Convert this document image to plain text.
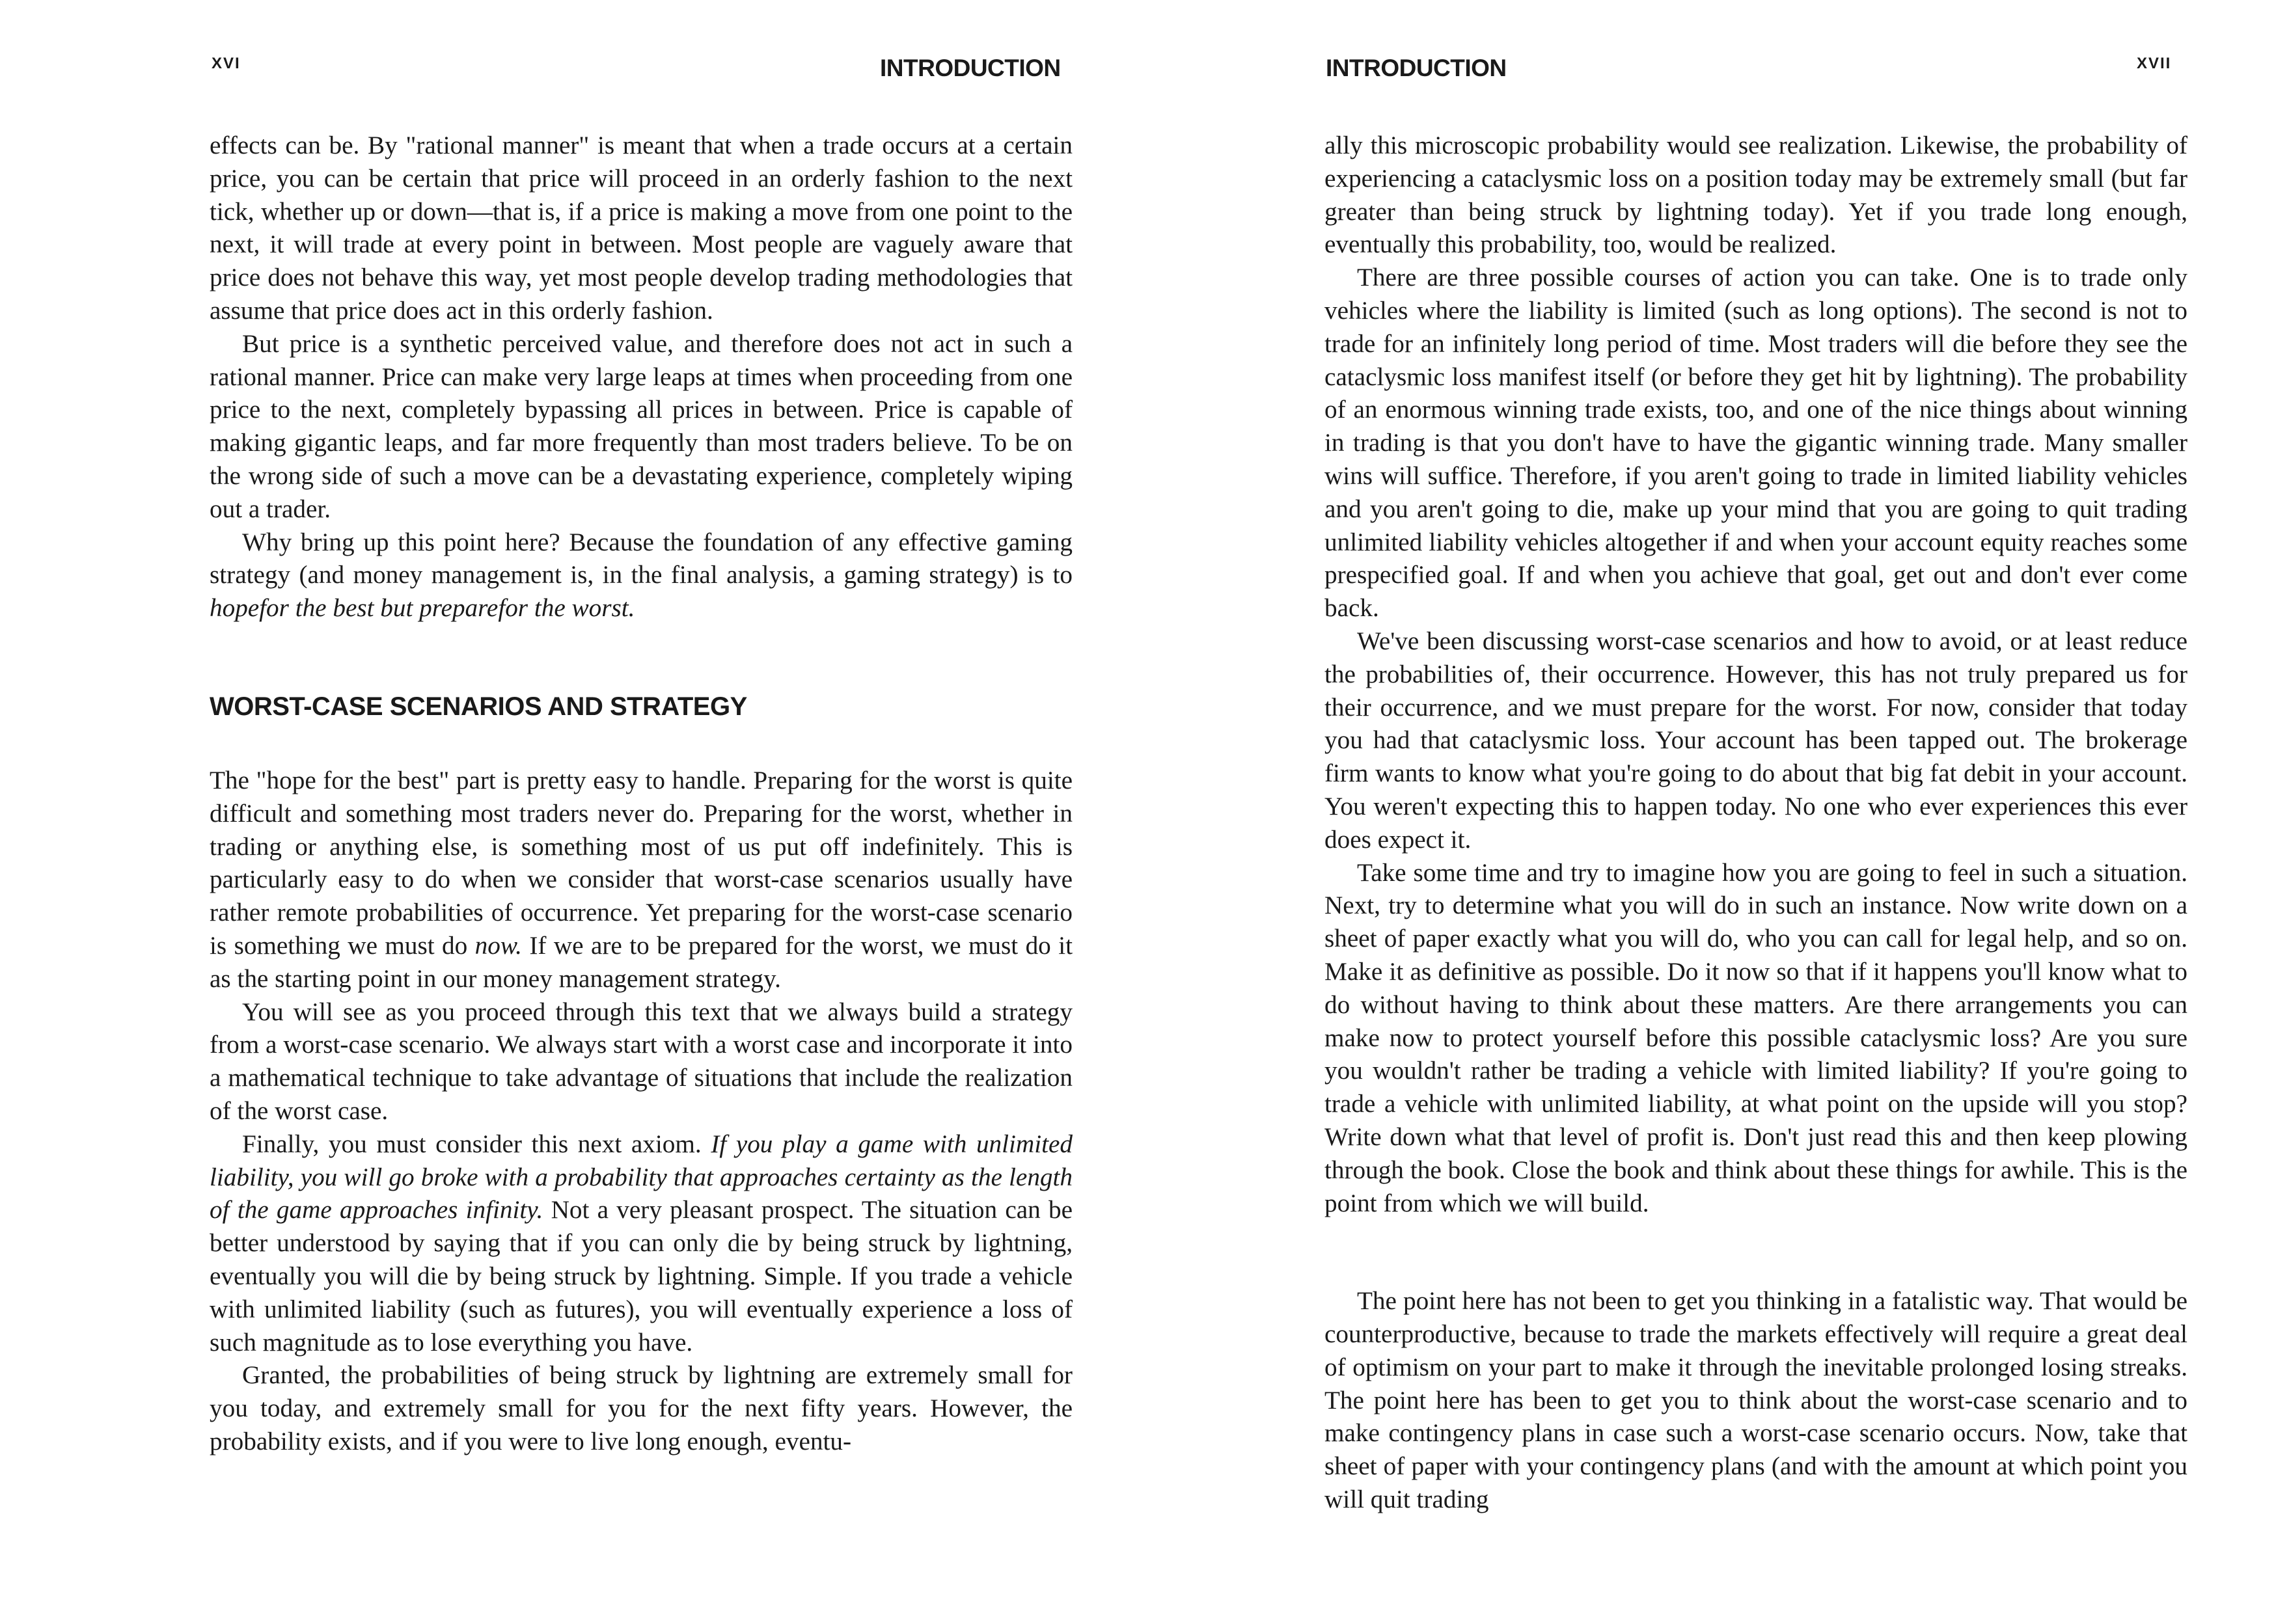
XVI	INTRODUCTION

effects can be. By "rational manner" is meant that when a trade occurs at a certain price, you can be certain that price will proceed in an orderly fashion to the next tick, whether up or down—that is, if a price is making a move from one point to the next, it will trade at every point in between. Most people are vaguely aware that price does not behave this way, yet most people develop trading methodologies that assume that price does act in this orderly fashion.

But price is a synthetic perceived value, and therefore does not act in such a rational manner. Price can make very large leaps at times when proceeding from one price to the next, completely bypassing all prices in between. Price is capable of making gigantic leaps, and far more frequently than most traders believe. To be on the wrong side of such a move can be a devastating experience, completely wiping out a trader.

Why bring up this point here? Because the foundation of any effective gaming strategy (and money management is, in the final analysis, a gaming strategy) is to hopefor the best but preparefor the worst.

WORST-CASE SCENARIOS AND STRATEGY

The "hope for the best" part is pretty easy to handle. Preparing for the worst is quite difficult and something most traders never do. Preparing for the worst, whether in trading or anything else, is something most of us put off indefinitely. This is particularly easy to do when we consider that worst-case scenarios usually have rather remote probabilities of occurrence. Yet preparing for the worst-case scenario is something we must do now. If we are to be prepared for the worst, we must do it as the starting point in our money management strategy.

You will see as you proceed through this text that we always build a strategy from a worst-case scenario. We always start with a worst case and incorporate it into a mathematical technique to take advantage of situations that include the realization of the worst case.

Finally, you must consider this next axiom. If you play a game with unlimited liability, you will go broke with a probability that approaches certainty as the length of the game approaches infinity. Not a very pleasant prospect. The situation can be better understood by saying that if you can only die by being struck by lightning, eventually you will die by being struck by lightning. Simple. If you trade a vehicle with unlimited liability (such as futures), you will eventually experience a loss of such magnitude as to lose everything you have.

Granted, the probabilities of being struck by lightning are extremely small for you today, and extremely small for you for the next fifty years. However, the probability exists, and if you were to live long enough, eventu-

INTRODUCTION	XVII

ally this microscopic probability would see realization. Likewise, the probability of experiencing a cataclysmic loss on a position today may be extremely small (but far greater than being struck by lightning today). Yet if you trade long enough, eventually this probability, too, would be realized.

There are three possible courses of action you can take. One is to trade only vehicles where the liability is limited (such as long options). The second is not to trade for an infinitely long period of time. Most traders will die before they see the cataclysmic loss manifest itself (or before they get hit by lightning). The probability of an enormous winning trade exists, too, and one of the nice things about winning in trading is that you don't have to have the gigantic winning trade. Many smaller wins will suffice. Therefore, if you aren't going to trade in limited liability vehicles and you aren't going to die, make up your mind that you are going to quit trading unlimited liability vehicles altogether if and when your account equity reaches some prespecified goal. If and when you achieve that goal, get out and don't ever come back.

We've been discussing worst-case scenarios and how to avoid, or at least reduce the probabilities of, their occurrence. However, this has not truly prepared us for their occurrence, and we must prepare for the worst. For now, consider that today you had that cataclysmic loss. Your account has been tapped out. The brokerage firm wants to know what you're going to do about that big fat debit in your account. You weren't expecting this to happen today. No one who ever experiences this ever does expect it.

Take some time and try to imagine how you are going to feel in such a situation. Next, try to determine what you will do in such an instance. Now write down on a sheet of paper exactly what you will do, who you can call for legal help, and so on. Make it as definitive as possible. Do it now so that if it happens you'll know what to do without having to think about these matters. Are there arrangements you can make now to protect yourself before this possible cataclysmic loss? Are you sure you wouldn't rather be trading a vehicle with limited liability? If you're going to trade a vehicle with unlimited liability, at what point on the upside will you stop? Write down what that level of profit is. Don't just read this and then keep plowing through the book. Close the book and think about these things for awhile. This is the point from which we will build.

The point here has not been to get you thinking in a fatalistic way. That would be counterproductive, because to trade the markets effectively will require a great deal of optimism on your part to make it through the inevitable prolonged losing streaks. The point here has been to get you to think about the worst-case scenario and to make contingency plans in case such a worst-case scenario occurs. Now, take that sheet of paper with your contingency plans (and with the amount at which point you will quit trading
